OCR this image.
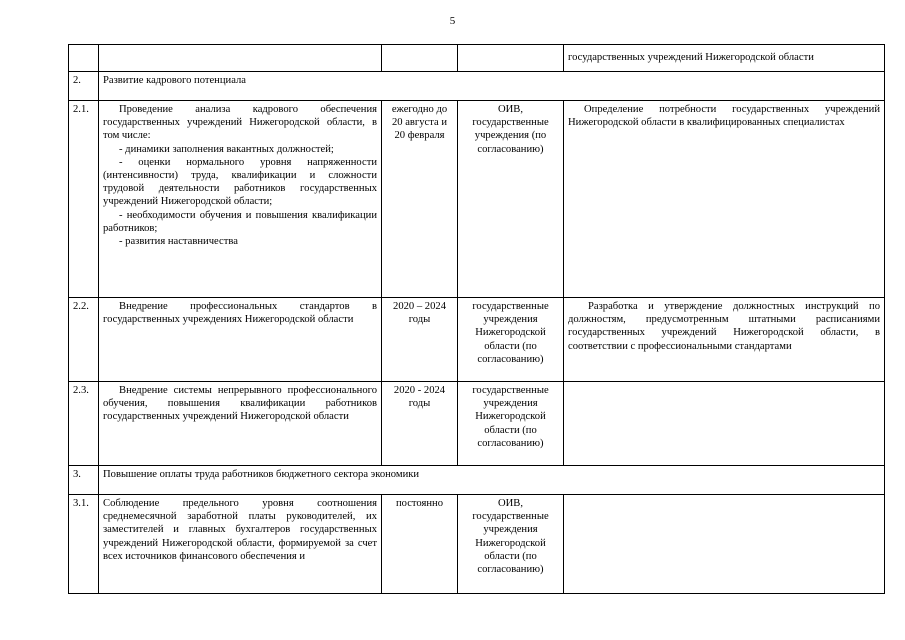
5
				государственных учреждений Нижегородской области
2.	Развитие кадрового потенциала			
2.1.	Проведение анализа кадрового обеспечения государственных учреждений Нижегородской области, в том числе:
- динамики заполнения вакантных должностей;
- оценки нормального уровня напряженности (интенсивности) труда, квалификации и сложности трудовой деятельности работников государственных учреждений Нижегородской области;
- необходимости обучения и повышения квалификации работников;
- развития наставничества	ежегодно до 20 августа и 20 февраля	ОИВ, государственные учреждения (по согласованию)	Определение потребности государственных учреждений Нижегородской области в квалифицированных специалистах

2.2.	Внедрение профессиональных стандартов в государственных учреждениях Нижегородской области	2020 – 2024 годы	государственные учреждения Нижегородской области (по согласованию)	Разработка и утверждение должностных инструкций по должностям, предусмотренным штатными расписаниями государственных учреждений Нижегородской области, в соответствии с профессиональными стандартами

2.3.	Внедрение системы непрерывного профессионального обучения, повышения квалификации работников государственных учреждений Нижегородской области	2020 - 2024 годы	государственные учреждения Нижегородской области (по согласованию)	
3.	Повышение оплаты труда работников бюджетного сектора экономики			
3.1.	Соблюдение предельного уровня соотношения среднемесячной заработной платы руководителей, их заместителей и главных бухгалтеров государственных учреждений Нижегородской области, формируемой за счет всех источников финансового обеспечения и	постоянно	ОИВ, государственные учреждения Нижегородской области (по согласованию)	
